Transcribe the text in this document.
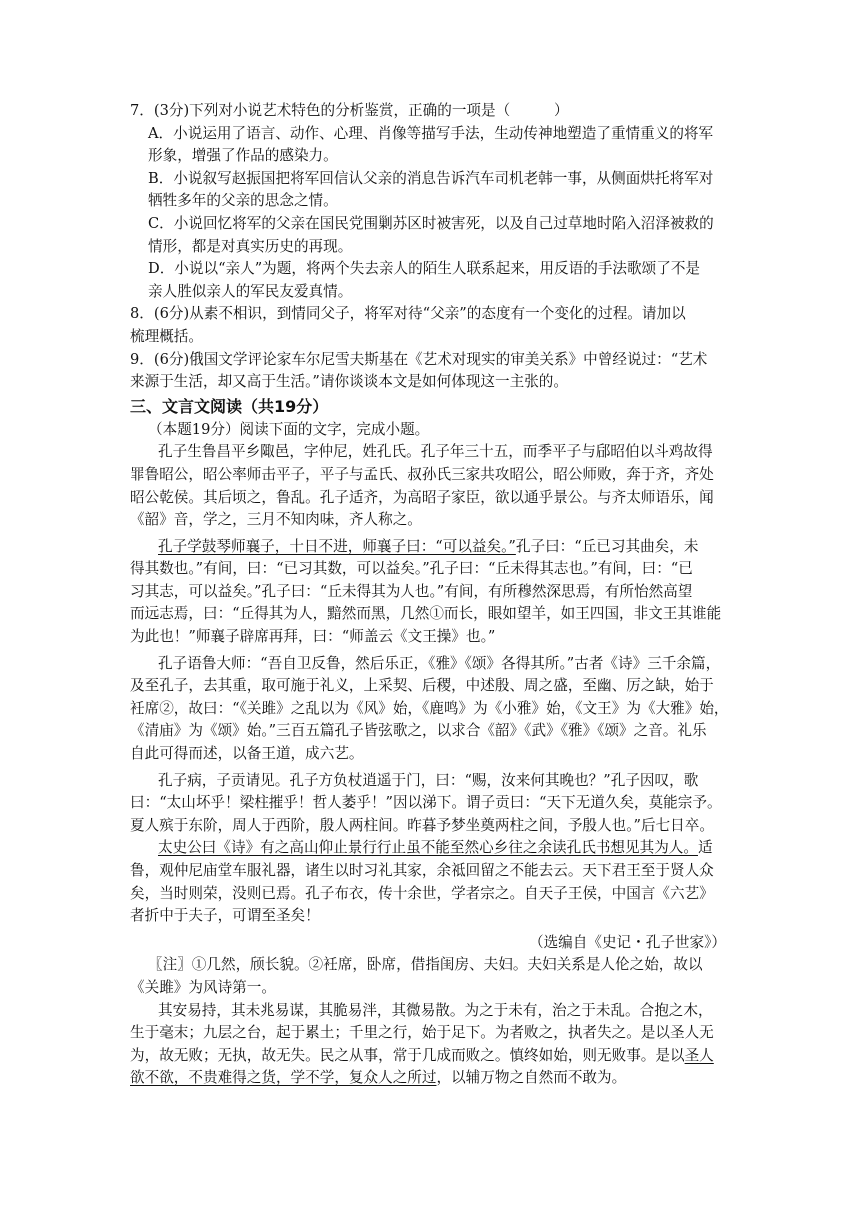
7．(3分)下列对小说艺术特色的分析鉴赏，正确的一项是（　　　）

A．小说运用了语言、动作、心理、肖像等描写手法，生动传神地塑造了重情重义的将军

形象，增强了作品的感染力。

B．小说叙写赵振国把将军回信认父亲的消息告诉汽车司机老韩一事，从侧面烘托将军对

牺牲多年的父亲的思念之情。

C．小说回忆将军的父亲在国民党围剿苏区时被害死，以及自己过草地时陷入沼泽被救的

情形，都是对真实历史的再现。

D．小说以“亲人”为题，将两个失去亲人的陌生人联系起来，用反语的手法歌颂了不是

亲人胜似亲人的军民友爱真情。

8．(6分)从素不相识，到情同父子，将军对待“父亲”的态度有一个变化的过程。请加以

梳理概括。

9．(6分)俄国文学评论家车尔尼雪夫斯基在《艺术对现实的审美关系》中曾经说过：“艺术

来源于生活，却又高于生活。”请你谈谈本文是如何体现这一主张的。

三、文言文阅读（共19分）

（本题19分）阅读下面的文字，完成小题。

孔子生鲁昌平乡陬邑，字仲尼，姓孔氏。孔子年三十五，而季平子与郈昭伯以斗鸡故得

罪鲁昭公，昭公率师击平子，平子与孟氏、叔孙氏三家共攻昭公，昭公师败，奔于齐，齐处

昭公乾侯。其后顷之，鲁乱。孔子适齐，为高昭子家臣，欲以通乎景公。与齐太师语乐，闻

《韶》音，学之，三月不知肉味，齐人称之。

孔子学鼓琴师襄子，十日不进，师襄子曰：“可以益矣。”孔子曰：“丘已习其曲矣，未

得其数也。”有间，曰：“已习其数，可以益矣。”孔子曰：“丘未得其志也。”有间，曰：“已

习其志，可以益矣。”孔子曰：“丘未得其为人也。”有间，有所穆然深思焉，有所怡然高望

而远志焉，曰：“丘得其为人，黯然而黑，几然①而长，眼如望羊，如王四国，非文王其谁能

为此也！”师襄子辟席再拜，曰：“师盖云《文王操》也。”

孔子语鲁大师：“吾自卫反鲁，然后乐正，《雅》《颂》各得其所。”古者《诗》三千余篇，

及至孔子，去其重，取可施于礼义，上采契、后稷，中述殷、周之盛，至幽、厉之缺，始于

衽席②，故曰：“《关雎》之乱以为《风》始，《鹿鸣》为《小雅》始，《文王》为《大雅》始，

《清庙》为《颂》始。”三百五篇孔子皆弦歌之，以求合《韶》《武》《雅》《颂》之音。礼乐

自此可得而述，以备王道，成六艺。

孔子病，子贡请见。孔子方负杖逍遥于门，曰：“赐，汝来何其晚也？”孔子因叹，歌

曰：“太山坏乎！梁柱摧乎！哲人萎乎！”因以涕下。谓子贡曰：“天下无道久矣，莫能宗予。

夏人殡于东阶，周人于西阶，殷人两柱间。昨暮予梦坐奠两柱之间，予殷人也。”后七日卒。

太史公曰《诗》有之高山仰止景行行止虽不能至然心乡往之余读孔氏书想见其为人。适

鲁，观仲尼庙堂车服礼器，诸生以时习礼其家，余祗回留之不能去云。天下君王至于贤人众

矣，当时则荣，没则已焉。孔子布衣，传十余世，学者宗之。自天子王侯，中国言《六艺》

者折中于夫子，可谓至圣矣！

（选编自《史记・孔子世家》）

〖注〗①几然，颀长貌。②衽席，卧席，借指闺房、夫妇。夫妇关系是人伦之始，故以

《关雎》为风诗第一。

其安易持，其未兆易谋，其脆易泮，其微易散。为之于未有，治之于未乱。合抱之木，

生于毫末；九层之台，起于累土；千里之行，始于足下。为者败之，执者失之。是以圣人无

为，故无败；无执，故无失。民之从事，常于几成而败之。慎终如始，则无败事。是以圣人

欲不欲，不贵难得之货，学不学，复众人之所过，以辅万物之自然而不敢为。
